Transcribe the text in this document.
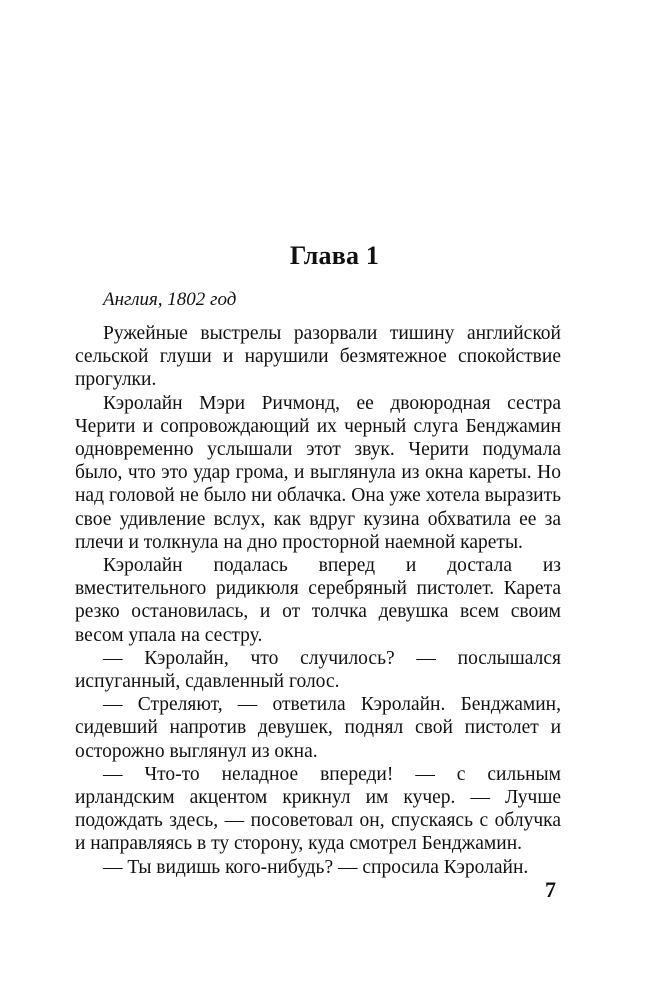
Глава 1

Англия, 1802 год

Ружейные выстрелы разорвали тишину английской сельской глуши и нарушили безмятежное спокойствие прогулки.

Кэролайн Мэри Ричмонд, ее двоюродная сестра Черити и сопровождающий их черный слуга Бенджамин одновременно услышали этот звук. Черити подумала было, что это удар грома, и выглянула из окна кареты. Но над головой не было ни облачка. Она уже хотела выразить свое удивление вслух, как вдруг кузина обхватила ее за плечи и толкнула на дно просторной наемной кареты.

Кэролайн подалась вперед и достала из вместительного ридикюля серебряный пистолет. Карета резко остановилась, и от толчка девушка всем своим весом упала на сестру.

— Кэролайн, что случилось? — послышался испуганный, сдавленный голос.

— Стреляют, — ответила Кэролайн. Бенджамин, сидевший напротив девушек, поднял свой пистолет и осторожно выглянул из окна.

— Что-то неладное впереди! — с сильным ирландским акцентом крикнул им кучер. — Лучше подождать здесь, — посоветовал он, спускаясь с облучка и направляясь в ту сторону, куда смотрел Бенджамин.

— Ты видишь кого-нибудь? — спросила Кэролайн.

7
